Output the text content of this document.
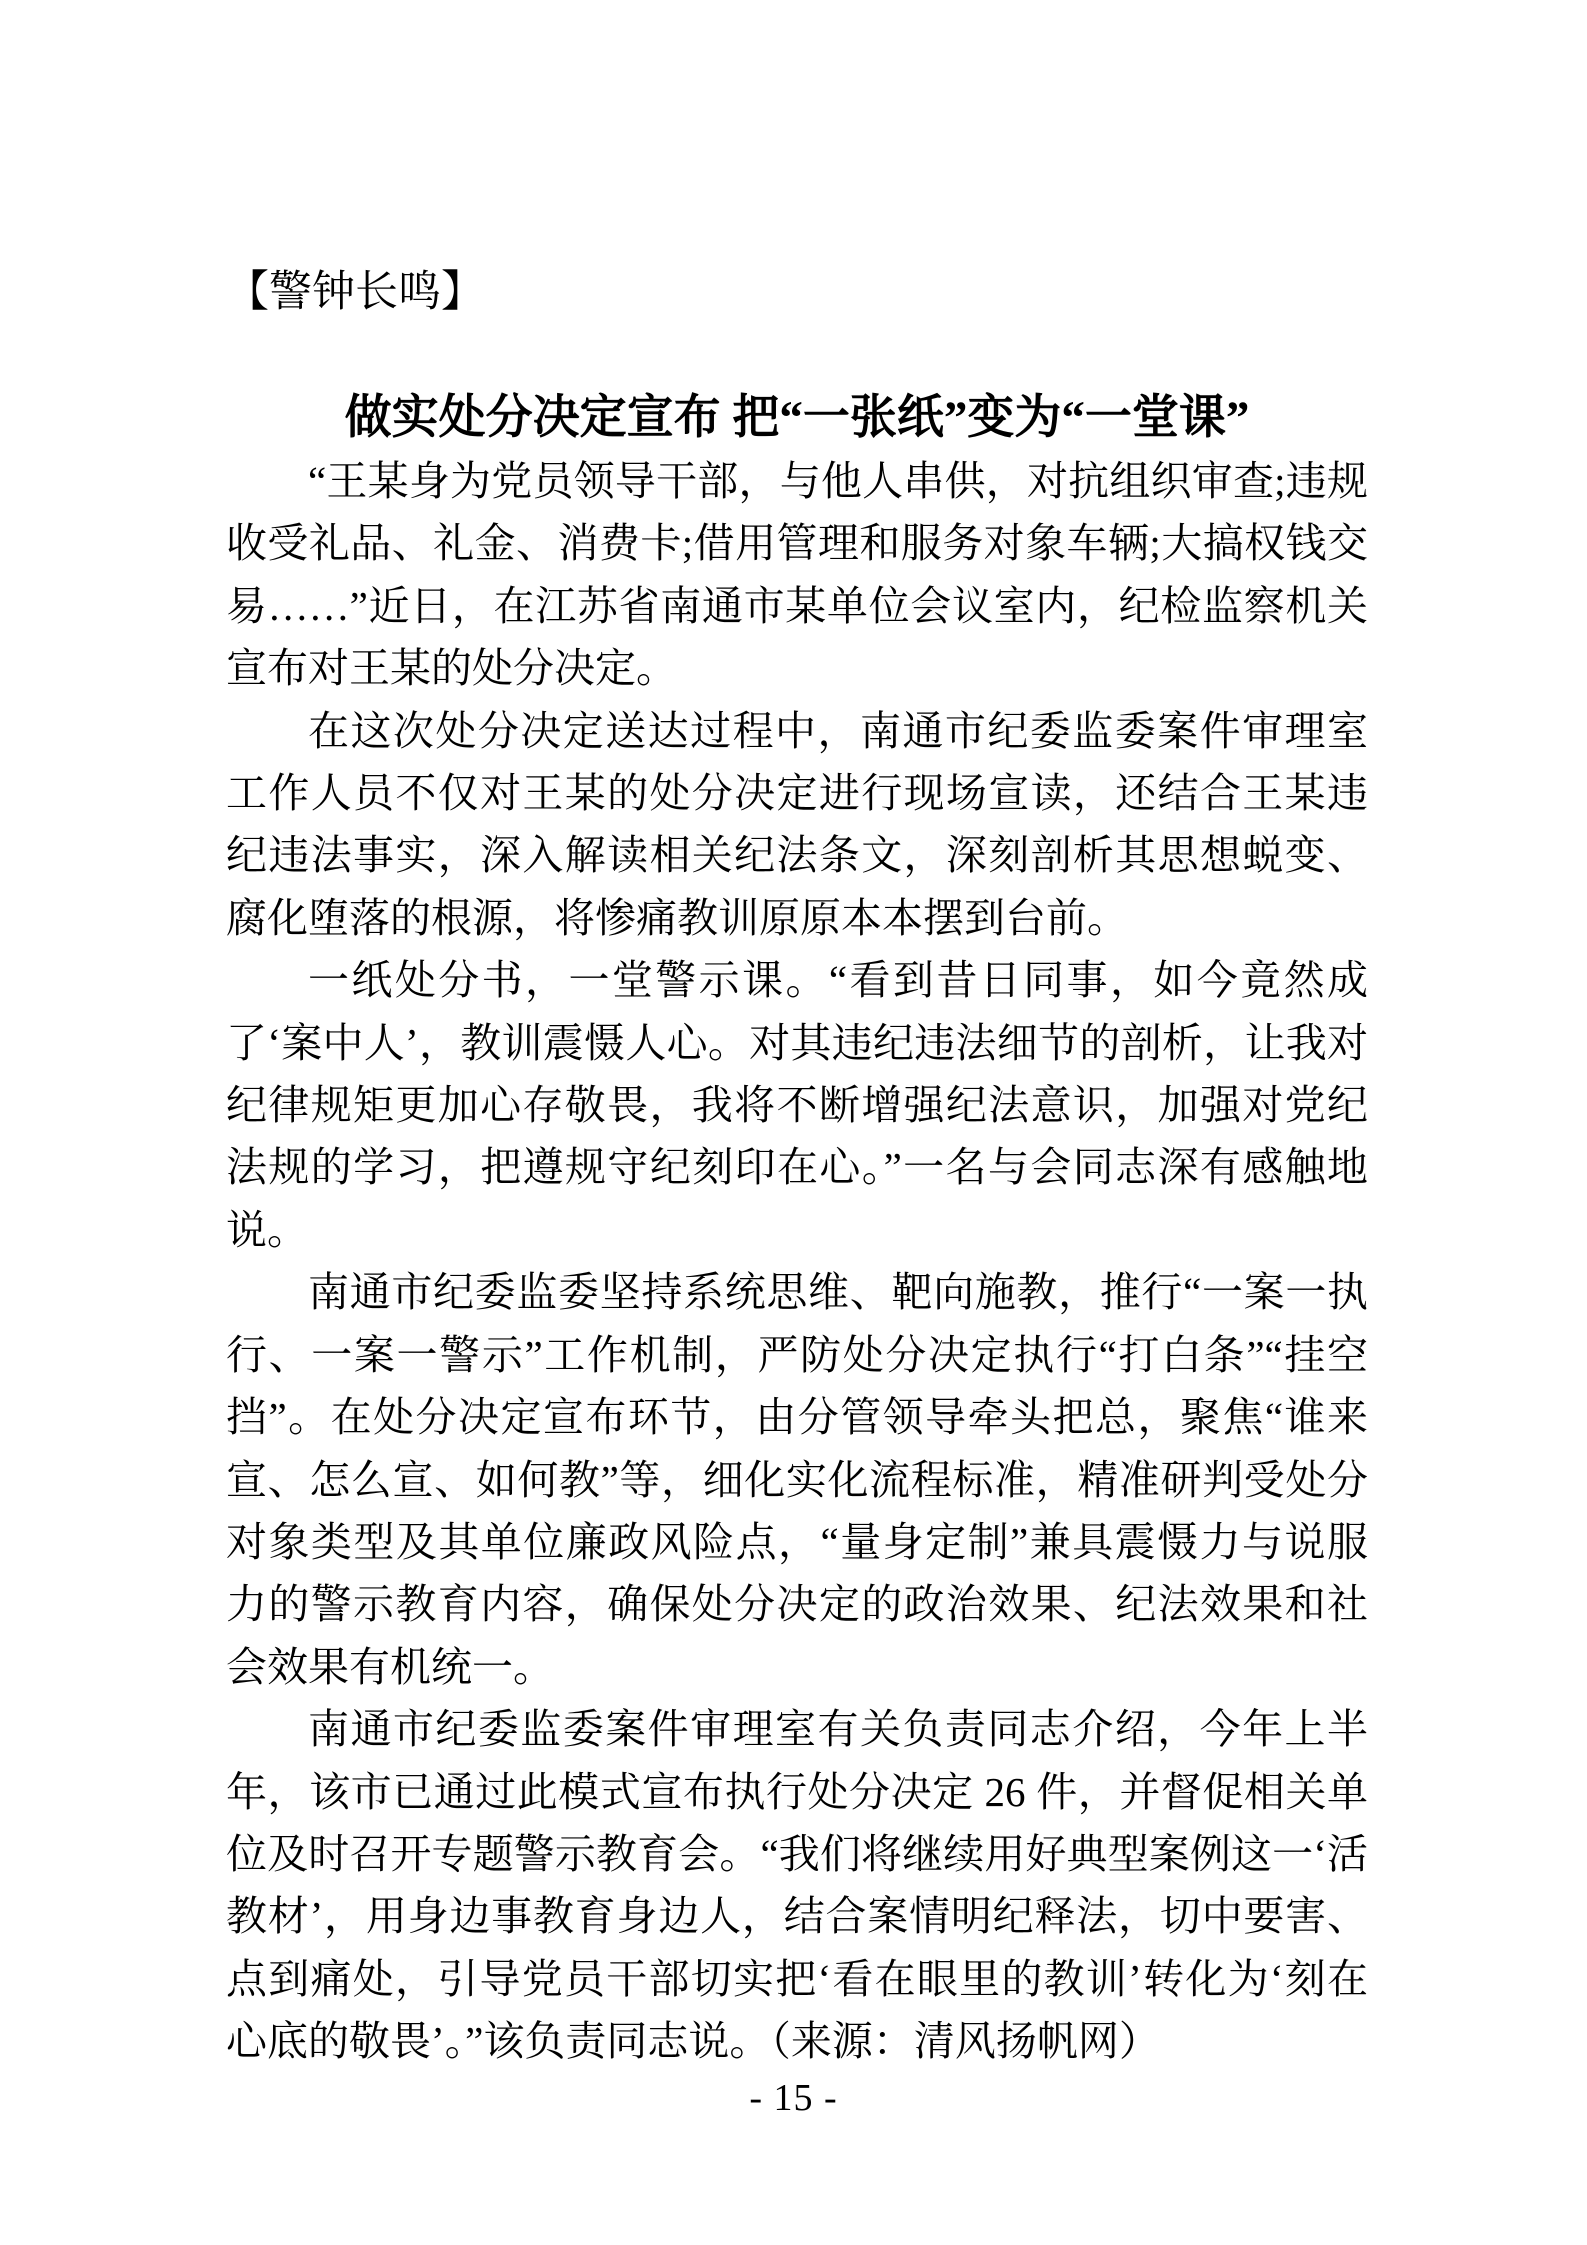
【警钟长鸣】
做实处分决定宣布 把“一张纸”变为“一堂课”

“王某身为党员领导干部，与他人串供，对抗组织审查;违规收受礼品、礼金、消费卡;借用管理和服务对象车辆;大搞权钱交易……”近日，在江苏省南通市某单位会议室内，纪检监察机关宣布对王某的处分决定。

在这次处分决定送达过程中，南通市纪委监委案件审理室工作人员不仅对王某的处分决定进行现场宣读，还结合王某违纪违法事实，深入解读相关纪法条文，深刻剖析其思想蜕变、腐化堕落的根源，将惨痛教训原原本本摆到台前。

一纸处分书，一堂警示课。“看到昔日同事，如今竟然成了‘案中人’，教训震慑人心。对其违纪违法细节的剖析，让我对纪律规矩更加心存敬畏，我将不断增强纪法意识，加强对党纪法规的学习，把遵规守纪刻印在心。”一名与会同志深有感触地说。

南通市纪委监委坚持系统思维、靶向施教，推行“一案一执行、一案一警示”工作机制，严防处分决定执行“打白条”“挂空挡”。在处分决定宣布环节，由分管领导牵头把总，聚焦“谁来宣、怎么宣、如何教”等，细化实化流程标准，精准研判受处分对象类型及其单位廉政风险点，“量身定制”兼具震慑力与说服力的警示教育内容，确保处分决定的政治效果、纪法效果和社会效果有机统一。

南通市纪委监委案件审理室有关负责同志介绍，今年上半年，该市已通过此模式宣布执行处分决定 26 件，并督促相关单位及时召开专题警示教育会。“我们将继续用好典型案例这一‘活教材’，用身边事教育身边人，结合案情明纪释法，切中要害、点到痛处，引导党员干部切实把‘看在眼里的教训’转化为‘刻在心底的敬畏’。”该负责同志说。（来源：清风扬帆网）

- 15 -
